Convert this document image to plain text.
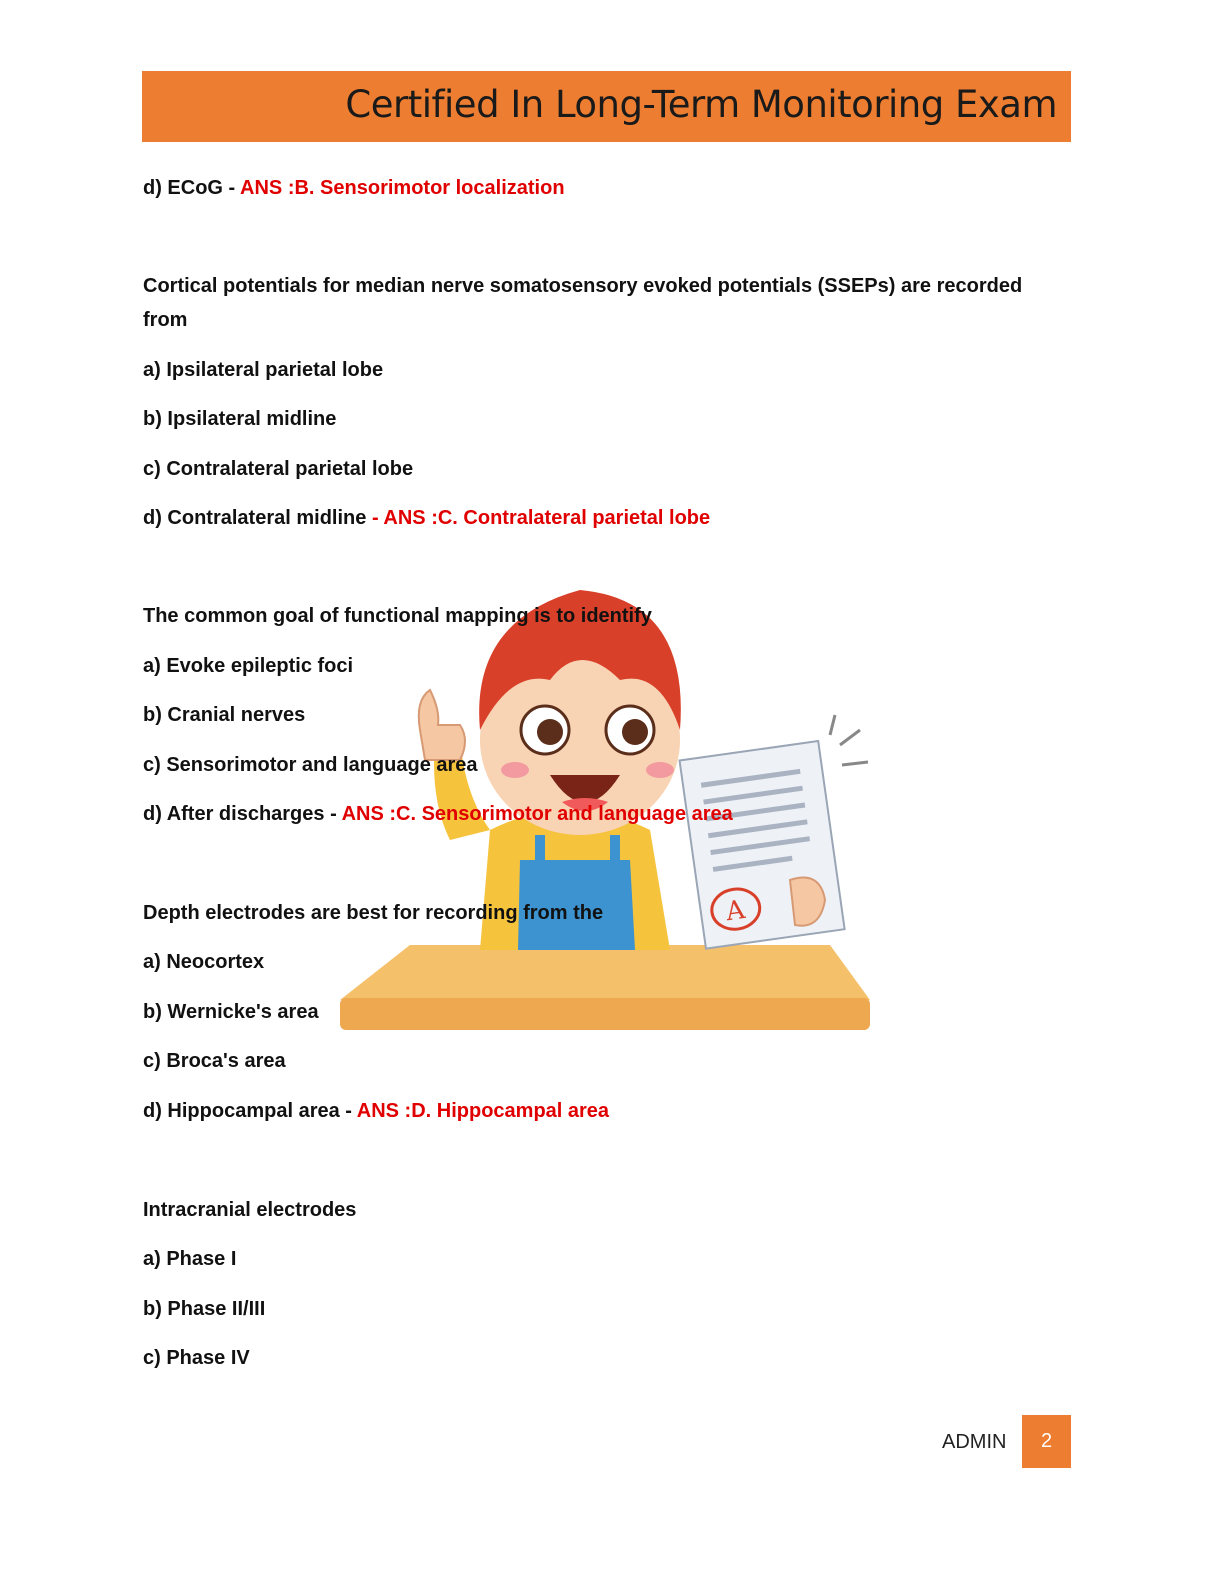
Certified In Long-Term Monitoring Exam
A
d) ECoG - ANS :B. Sensorimotor localization
Cortical potentials for median nerve somatosensory evoked potentials (SSEPs) are recorded from
a) Ipsilateral parietal lobe
b) Ipsilateral midline
c) Contralateral parietal lobe
d) Contralateral midline - ANS :C. Contralateral parietal lobe
The common goal of functional mapping is to identify
a) Evoke epileptic foci
b) Cranial nerves
c) Sensorimotor and language area
d) After discharges - ANS :C. Sensorimotor and language area
Depth electrodes are best for recording from the
a) Neocortex
b) Wernicke's area
c) Broca's area
d) Hippocampal area - ANS :D. Hippocampal area
Intracranial electrodes
a) Phase I
b) Phase II/III
c) Phase IV
ADMIN	2
